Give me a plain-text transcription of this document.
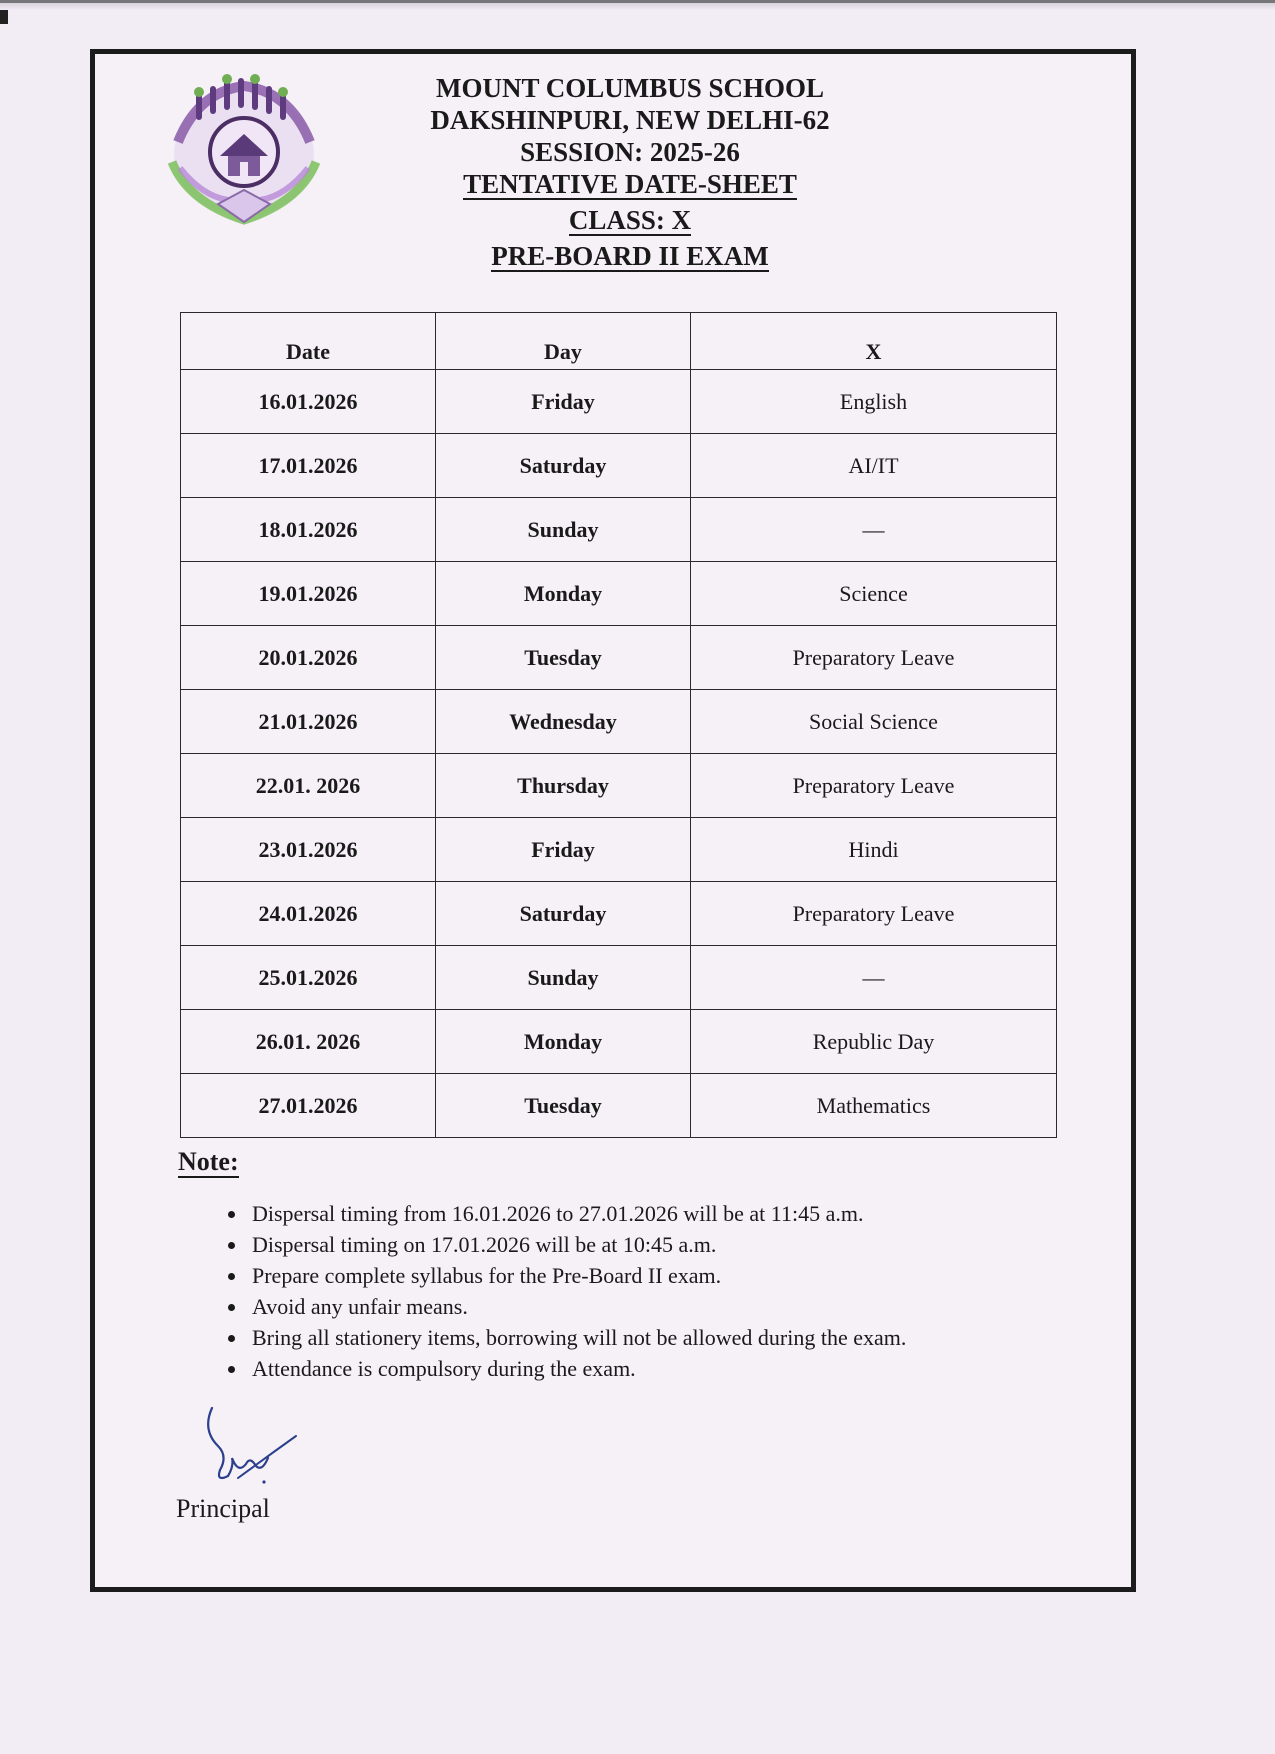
MOUNT COLUMBUS SCHOOL
DAKSHINPURI, NEW DELHI-62
SESSION: 2025-26
TENTATIVE DATE-SHEET
CLASS: X
PRE-BOARD II EXAM
Date	Day	X
16.01.2026	Friday	English
17.01.2026	Saturday	AI/IT
18.01.2026	Sunday	—
19.01.2026	Monday	Science
20.01.2026	Tuesday	Preparatory Leave
21.01.2026	Wednesday	Social Science
22.01. 2026	Thursday	Preparatory Leave
23.01.2026	Friday	Hindi
24.01.2026	Saturday	Preparatory Leave
25.01.2026	Sunday	—
26.01. 2026	Monday	Republic Day
27.01.2026	Tuesday	Mathematics
Note:
• Dispersal timing from 16.01.2026 to 27.01.2026 will be at 11:45 a.m.
• Dispersal timing on 17.01.2026 will be at 10:45 a.m.
• Prepare complete syllabus for the Pre-Board II exam.
• Avoid any unfair means.
• Bring all stationery items, borrowing will not be allowed during the exam.
• Attendance is compulsory during the exam.
Principal
